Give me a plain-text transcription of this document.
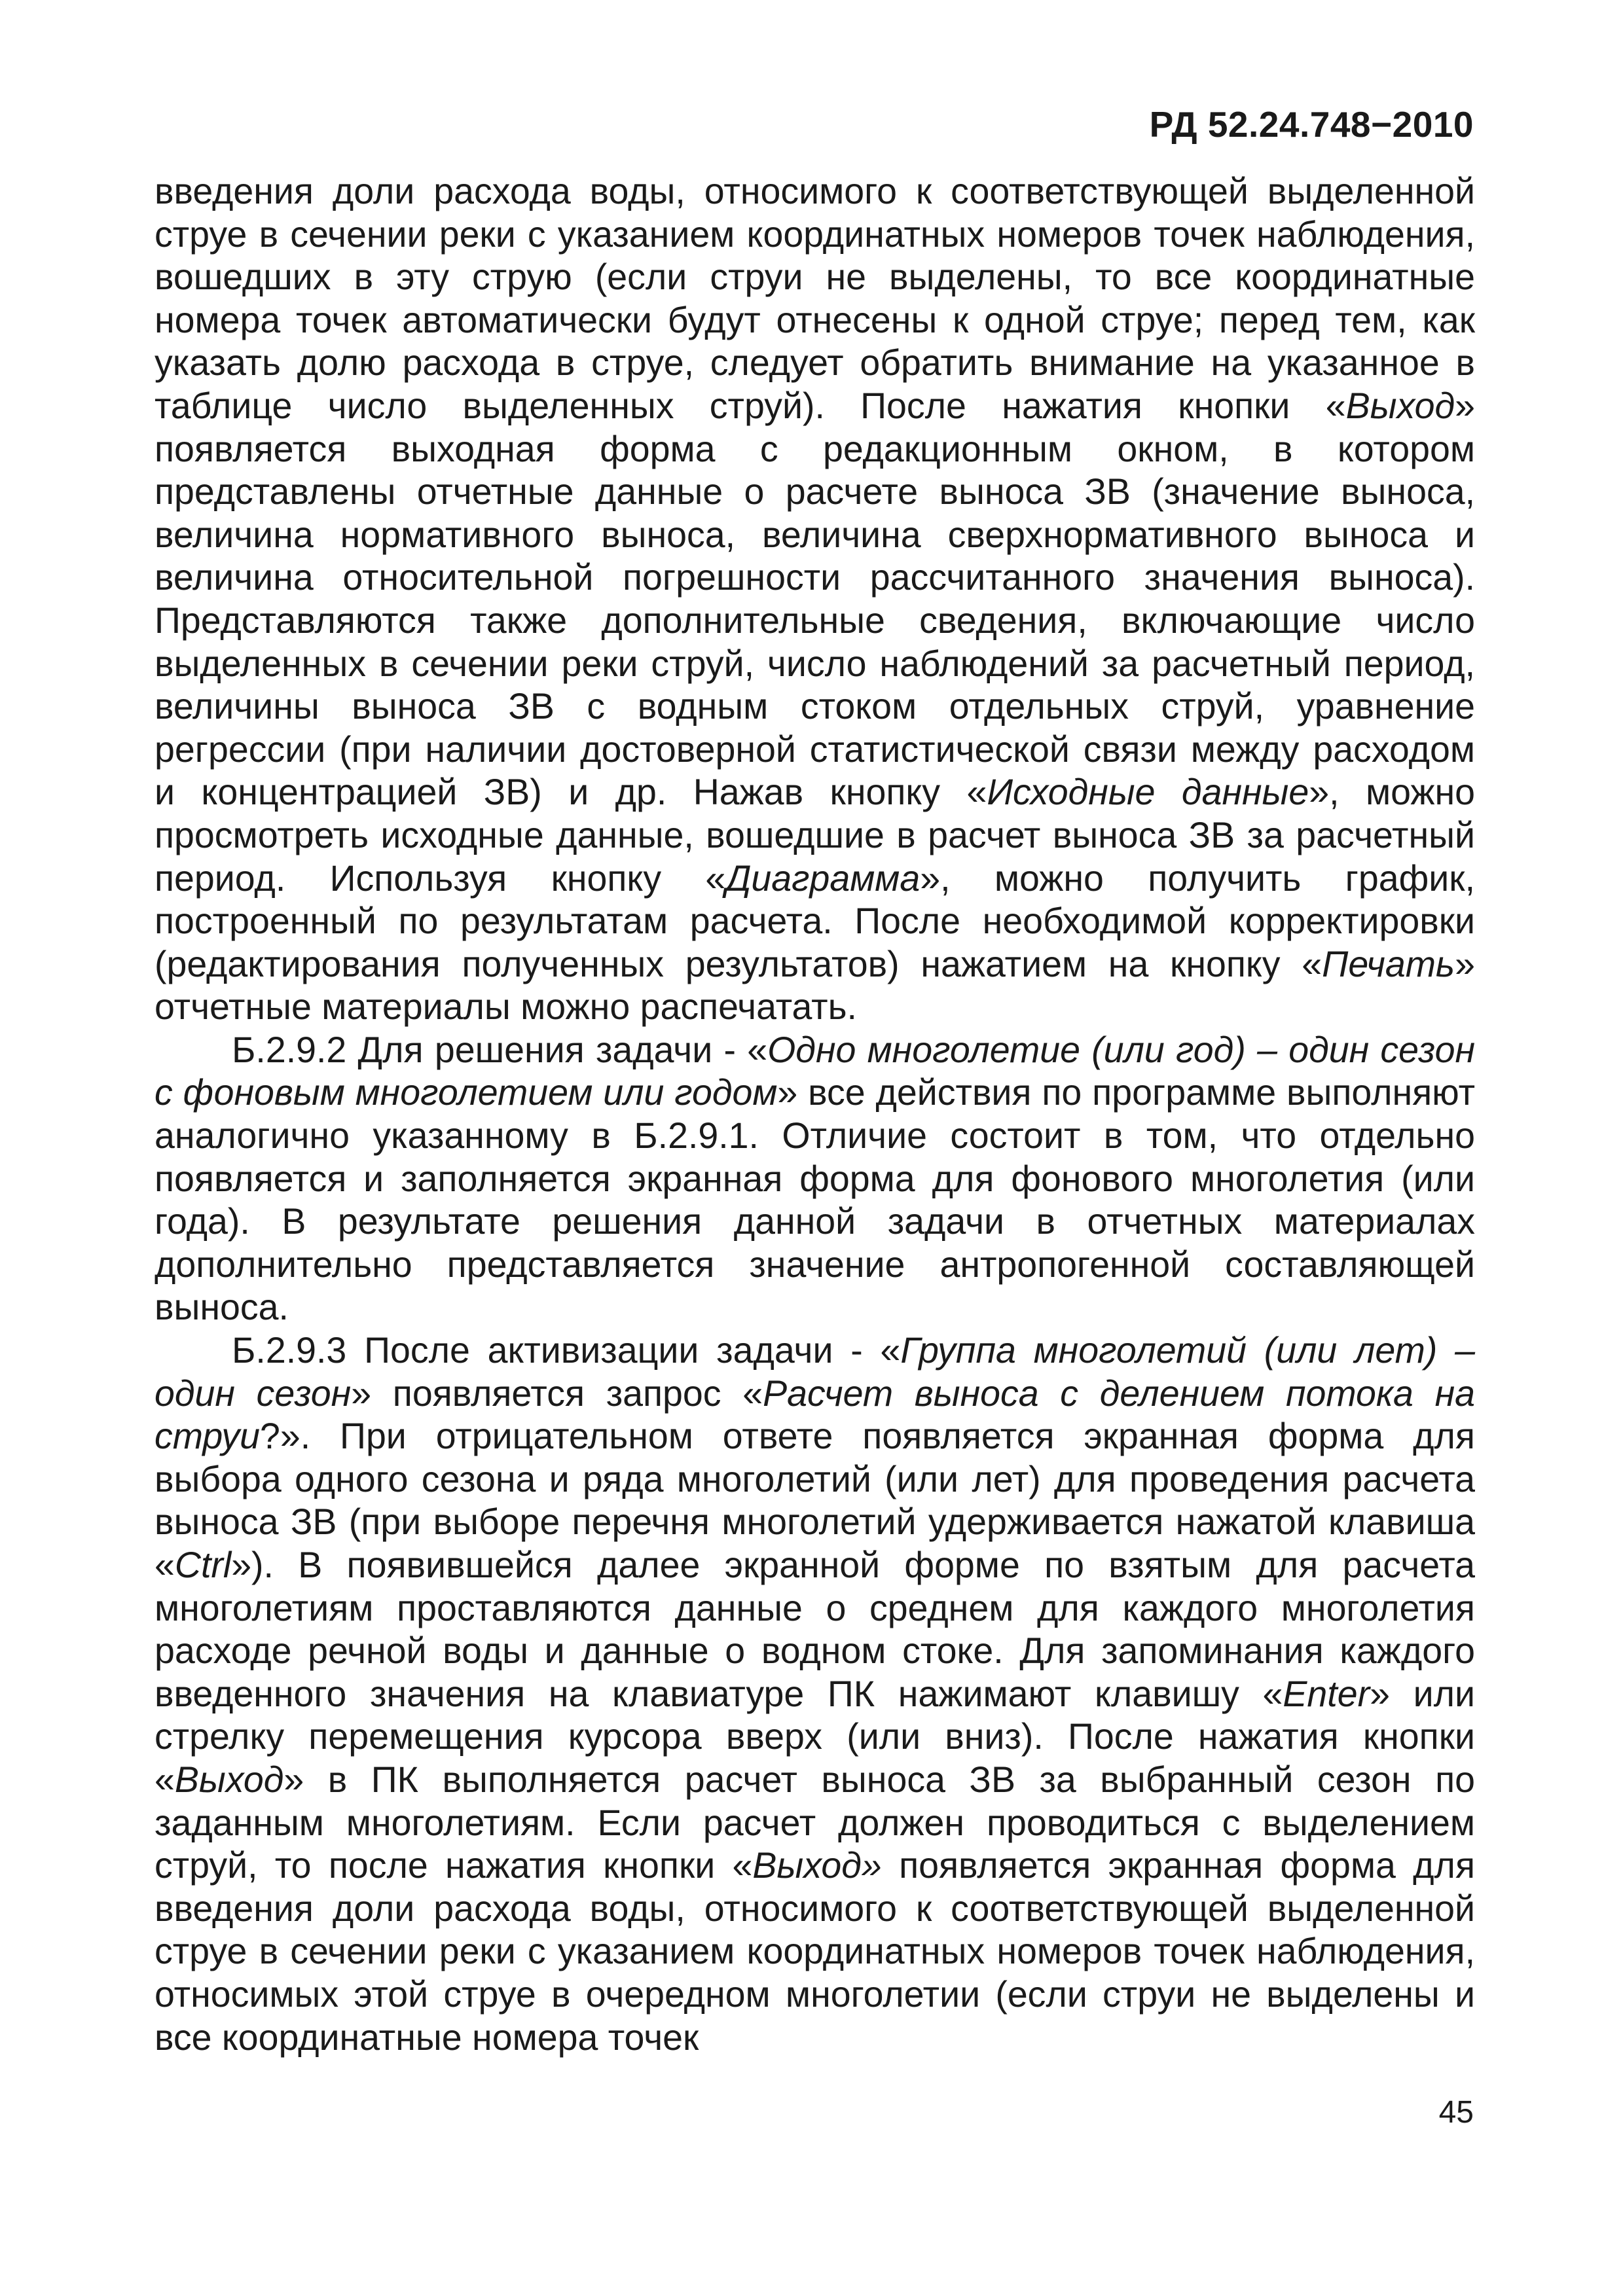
РД 52.24.748−2010

введения доли расхода воды, относимого к соответствующей выделенной струе в сечении реки с указанием координатных номеров точек наблюдения, вошедших в эту струю (если струи не выделены, то все координатные номера точек автоматически будут отнесены к одной струе; перед тем, как указать долю расхода в струе, следует обратить внимание на указанное в таблице число выделенных струй). После нажатия кнопки «Выход» появляется выходная форма с редакционным окном, в котором представлены отчетные данные о расчете выноса ЗВ (значение выноса, величина нормативного выноса, величина сверхнормативного выноса и величина относительной погрешности рассчитанного значения выноса). Представляются также дополнительные сведения, включающие число выделенных в сечении реки струй, число наблюдений за расчетный период, величины выноса ЗВ с водным стоком отдельных струй, уравнение регрессии (при наличии достоверной статистической связи между расходом и концентрацией ЗВ) и др. Нажав кнопку «Исходные данные», можно просмотреть исходные данные, вошедшие в расчет выноса ЗВ за расчетный период. Используя кнопку «Диаграмма», можно получить график, построенный по результатам расчета. После необходимой корректировки (редактирования полученных результатов) нажатием на кнопку «Печать» отчетные материалы можно распечатать.

Б.2.9.2 Для решения задачи - «Одно многолетие (или год) – один сезон с фоновым многолетием или годом» все действия по программе выполняют аналогично указанному в Б.2.9.1. Отличие состоит в том, что отдельно появляется и заполняется экранная форма для фонового многолетия (или года). В результате решения данной задачи в отчетных материалах дополнительно представляется значение антропогенной составляющей выноса.

Б.2.9.3 После активизации задачи - «Группа многолетий (или лет) – один сезон» появляется запрос «Расчет выноса с делением потока на струи?». При отрицательном ответе появляется экранная форма для выбора одного сезона и ряда многолетий (или лет) для проведения расчета выноса ЗВ (при выборе перечня многолетий удерживается нажатой клавиша «Ctrl»). В появившейся далее экранной форме по взятым для расчета многолетиям проставляются данные о среднем для каждого многолетия расходе речной воды и данные о водном стоке. Для запоминания каждого введенного значения на клавиатуре ПК нажимают клавишу «Enter» или стрелку перемещения курсора вверх (или вниз). После нажатия кнопки «Выход» в ПК выполняется расчет выноса ЗВ за выбранный сезон по заданным многолетиям. Если расчет должен проводиться с выделением струй, то после нажатия кнопки «Выход» появляется экранная форма для введения доли расхода воды, относимого к соответствующей выделенной струе в сечении реки с указанием координатных номеров точек наблюдения, относимых этой струе в очередном многолетии (если струи не выделены и все координатные номера точек

45
